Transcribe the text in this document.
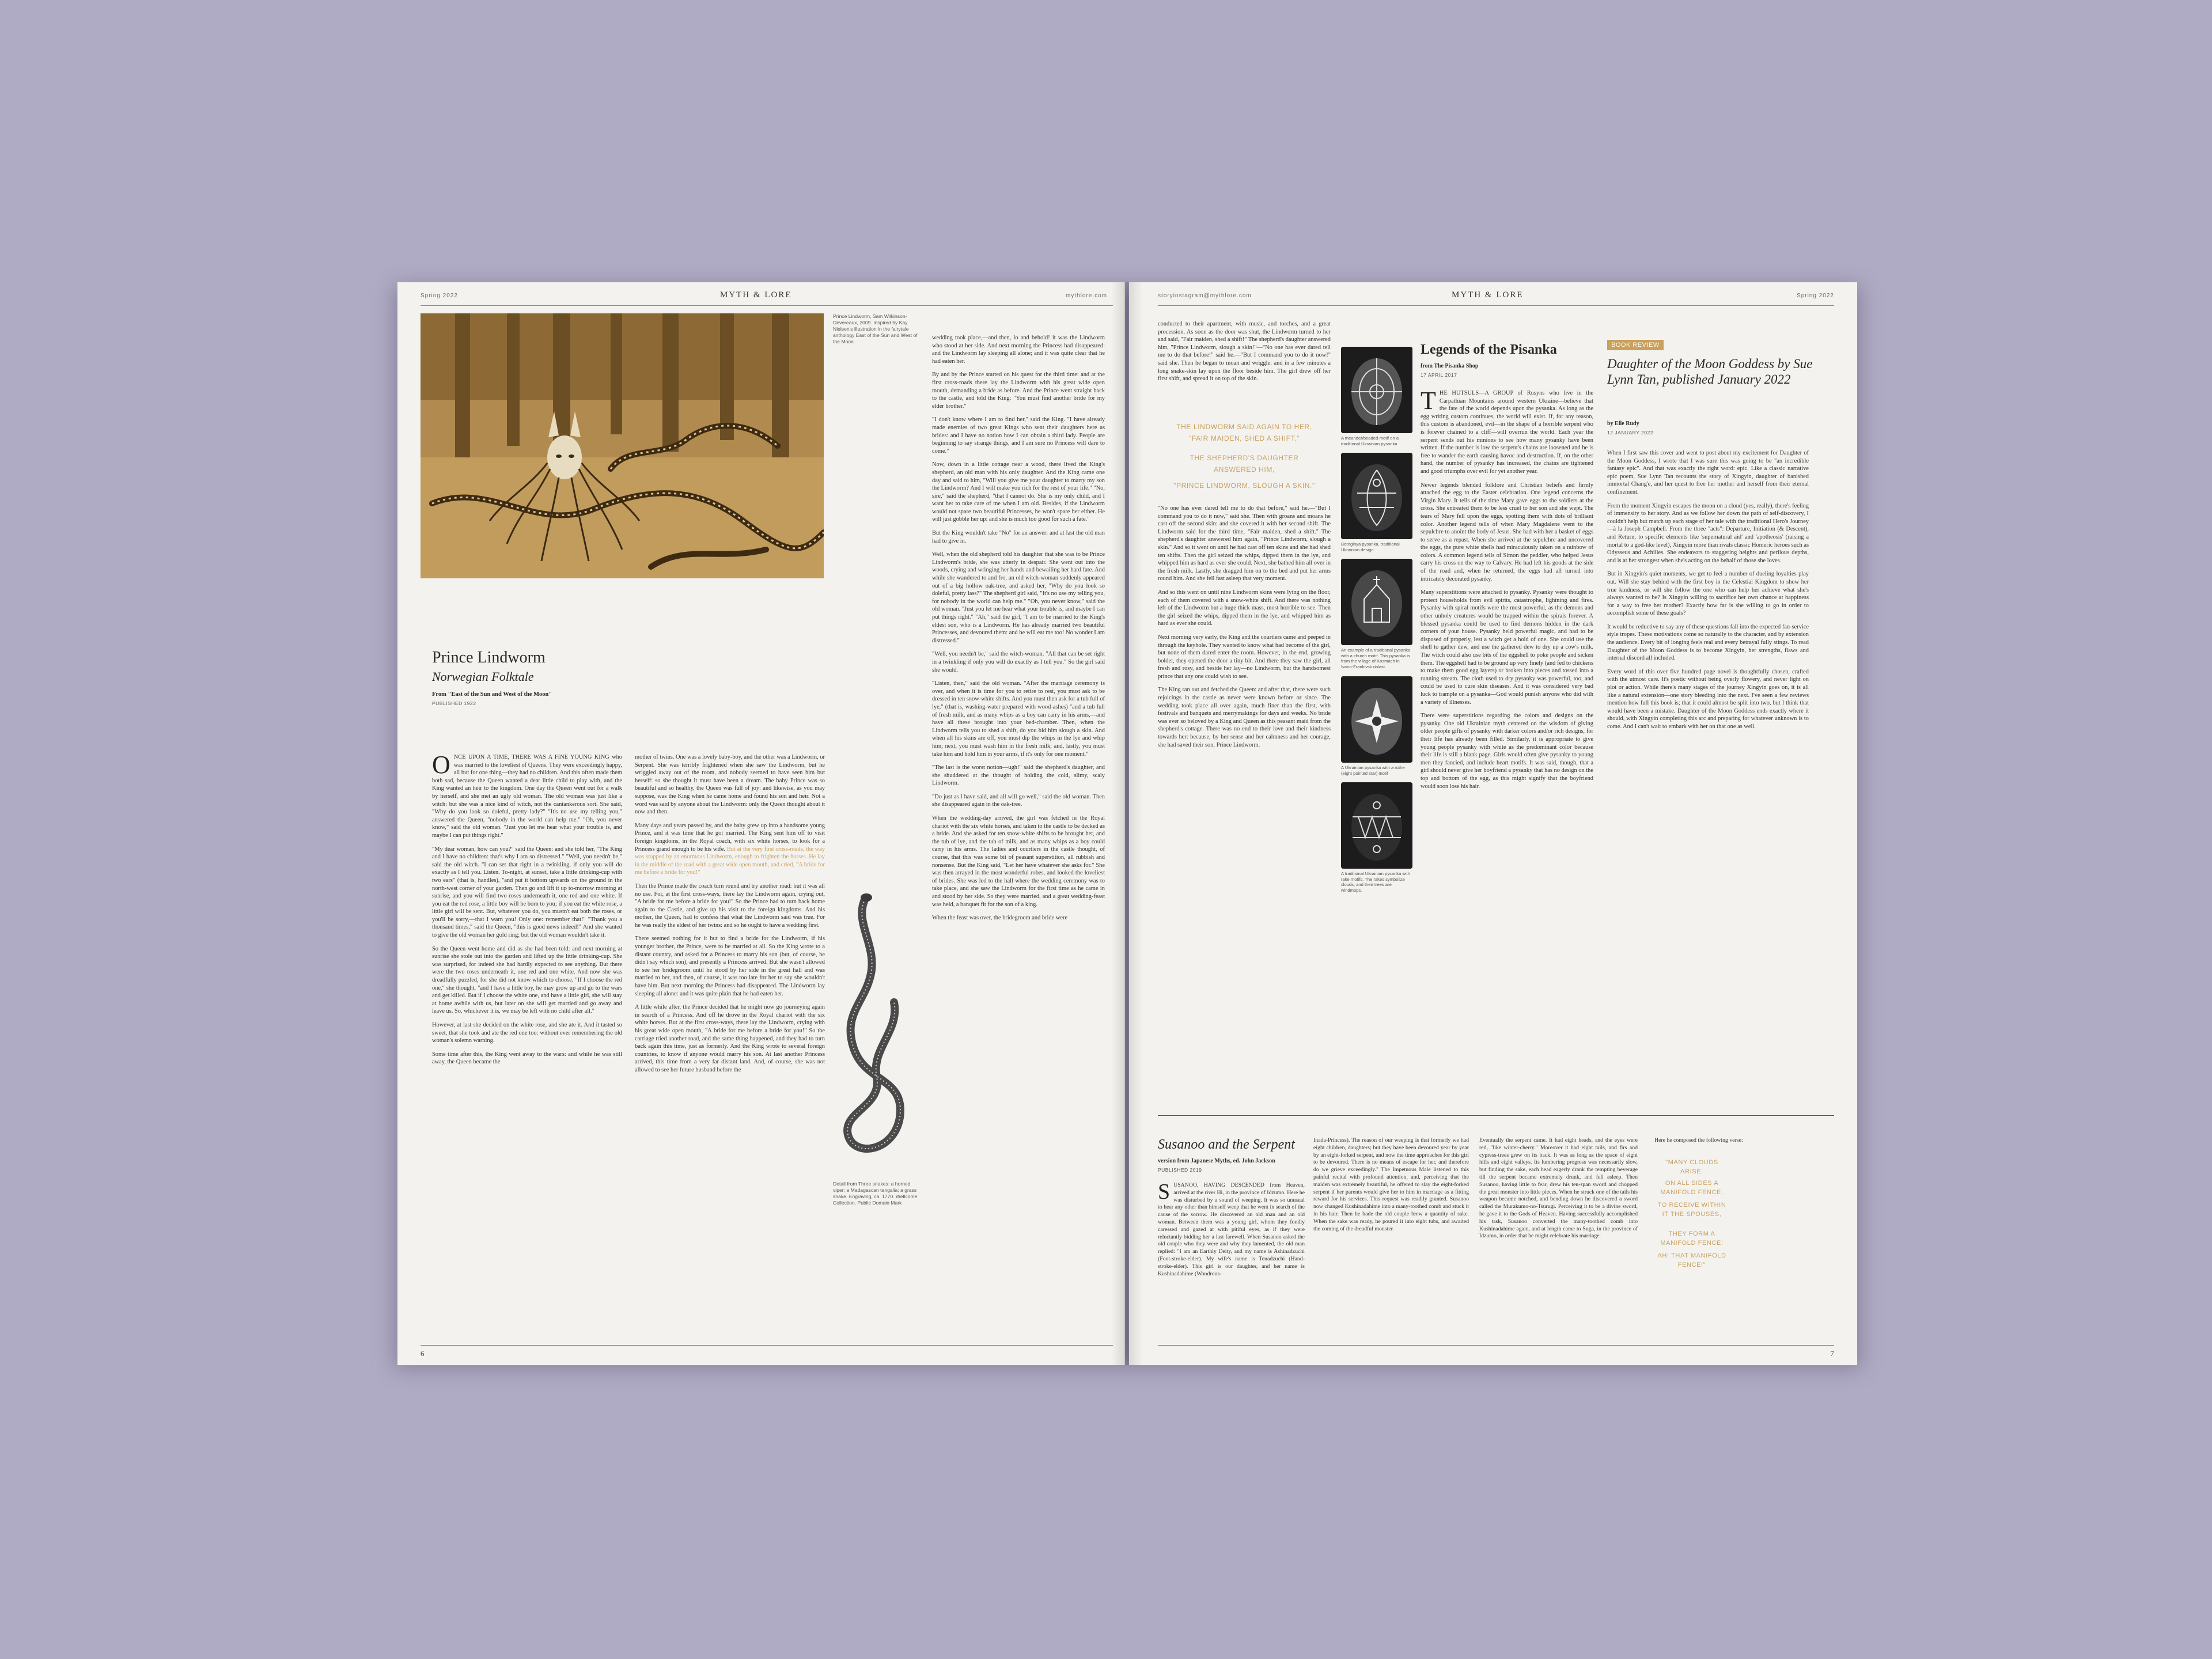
Spring 2022	MYTH & LORE	mythlore.com
Prince Lindworm, Sam Wilkinson-Devereaux, 2009. Inspired by Kay Nielsen's illustration in the fairytale anthology East of the Sun and West of the Moon.
Prince Lindworm
Norwegian Folktale
From "East of the Sun and West of the Moon"
PUBLISHED 1922

ONCE UPON A TIME, THERE WAS A FINE YOUNG KING who was married to the loveliest of Queens. They were exceedingly happy, all but for one thing—they had no children. And this often made them both sad, because the Queen wanted a dear little child to play with, and the King wanted an heir to the kingdom. One day the Queen went out for a walk by herself, and she met an ugly old woman. The old woman was just like a witch: but she was a nice kind of witch, not the cantankerous sort. She said, "Why do you look so doleful, pretty lady?" "It's no use my telling you," answered the Queen, "nobody in the world can help me." "Oh, you never know," said the old woman. "Just you let me hear what your trouble is, and maybe I can put things right."

"My dear woman, how can you?" said the Queen: and she told her, "The King and I have no children: that's why I am so distressed." "Well, you needn't be," said the old witch. "I can set that right in a twinkling, if only you will do exactly as I tell you. Listen. To-night, at sunset, take a little drinking-cup with two ears" (that is, handles), "and put it bottom upwards on the ground in the north-west corner of your garden. Then go and lift it up to-morrow morning at sunrise, and you will find two roses underneath it, one red and one white. If you eat the red rose, a little boy will be born to you; if you eat the white rose, a little girl will be sent. But, whatever you do, you mustn't eat both the roses, or you'll be sorry,—that I warn you! Only one: remember that!" "Thank you a thousand times," said the Queen, "this is good news indeed!" And she wanted to give the old woman her gold ring; but the old woman wouldn't take it.

So the Queen went home and did as she had been told: and next morning at sunrise she stole out into the garden and lifted up the little drinking-cup. She was surprised, for indeed she had hardly expected to see anything. But there were the two roses underneath it, one red and one white. And now she was dreadfully puzzled, for she did not know which to choose. "If I choose the red one," she thought, "and I have a little boy, he may grow up and go to the wars and get killed. But if I choose the white one, and have a little girl, she will stay at home awhile with us, but later on she will get married and go away and leave us. So, whichever it is, we may be left with no child after all."

However, at last she decided on the white rose, and she ate it. And it tasted so sweet, that she took and ate the red one too: without ever remembering the old woman's solemn warning.

Some time after this, the King went away to the wars: and while he was still away, the Queen became the

mother of twins. One was a lovely baby-boy, and the other was a Lindworm, or Serpent. She was terribly frightened when she saw the Lindworm, but he wriggled away out of the room, and nobody seemed to have seen him but herself: so she thought it must have been a dream. The baby Prince was so beautiful and so healthy, the Queen was full of joy: and likewise, as you may suppose, was the King when he came home and found his son and heir. Not a word was said by anyone about the Lindworm: only the Queen thought about it now and then.

Many days and years passed by, and the baby grew up into a handsome young Prince, and it was time that he got married. The King sent him off to visit foreign kingdoms, in the Royal coach, with six white horses, to look for a Princess grand enough to be his wife. But at the very first cross-roads, the way was stopped by an enormous Lindworm, enough to frighten the horses. He lay in the middle of the road with a great wide open mouth, and cried, "A bride for me before a bride for you!"

Then the Prince made the coach turn round and try another road: but it was all no use. For, at the first cross-ways, there lay the Lindworm again, crying out, "A bride for me before a bride for you!" So the Prince had to turn back home again to the Castle, and give up his visit to the foreign kingdoms. And his mother, the Queen, had to confess that what the Lindworm said was true. For he was really the eldest of her twins: and so he ought to have a wedding first.

There seemed nothing for it but to find a bride for the Lindworm, if his younger brother, the Prince, were to be married at all. So the King wrote to a distant country, and asked for a Princess to marry his son (but, of course, he didn't say which son), and presently a Princess arrived. But she wasn't allowed to see her bridegroom until he stood by her side in the great hall and was married to her, and then, of course, it was too late for her to say she wouldn't have him. But next morning the Princess had disappeared. The Lindworm lay sleeping all alone: and it was quite plain that he had eaten her.

A little while after, the Prince decided that he might now go journeying again in search of a Princess. And off he drove in the Royal chariot with the six white horses. But at the first cross-ways, there lay the Lindworm, crying with his great wide open mouth, "A bride for me before a bride for you!" So the carriage tried another road, and the same thing happened, and they had to turn back again this time, just as formerly. And the King wrote to several foreign countries, to know if anyone would marry his son. At last another Princess arrived, this time from a very far distant land. And, of course, she was not allowed to see her future husband before the

Detail from Three snakes: a horned viper; a Madagascan tangalia; a grass snake. Engraving, ca. 1770. Wellcome Collection. Public Domain Mark

wedding took place,—and then, lo and behold! it was the Lindworm who stood at her side. And next morning the Princess had disappeared: and the Lindworm lay sleeping all alone; and it was quite clear that he had eaten her.

By and by the Prince started on his quest for the third time: and at the first cross-roads there lay the Lindworm with his great wide open mouth, demanding a bride as before. And the Prince went straight back to the castle, and told the King: "You must find another bride for my elder brother."

"I don't know where I am to find her," said the King. "I have already made enemies of two great Kings who sent their daughters here as brides: and I have no notion how I can obtain a third lady. People are beginning to say strange things, and I am sure no Princess will dare to come."

Now, down in a little cottage near a wood, there lived the King's shepherd, an old man with his only daughter. And the King came one day and said to him, "Will you give me your daughter to marry my son the Lindworm? And I will make you rich for the rest of your life." "No, sire," said the shepherd, "that I cannot do. She is my only child, and I want her to take care of me when I am old. Besides, if the Lindworm would not spare two beautiful Princesses, he won't spare her either. He will just gobble her up: and she is much too good for such a fate."

But the King wouldn't take "No" for an answer: and at last the old man had to give in.

Well, when the old shepherd told his daughter that she was to be Prince Lindworm's bride, she was utterly in despair. She went out into the woods, crying and wringing her hands and bewailing her hard fate. And while she wandered to and fro, an old witch-woman suddenly appeared out of a big hollow oak-tree, and asked her, "Why do you look so doleful, pretty lass?" The shepherd girl said, "It's no use my telling you, for nobody in the world can help me." "Oh, you never know," said the old woman. "Just you let me hear what your trouble is, and maybe I can put things right." "Ah," said the girl, "I am to be married to the King's eldest son, who is a Lindworm. He has already married two beautiful Princesses, and devoured them: and he will eat me too! No wonder I am distressed."

"Well, you needn't be," said the witch-woman. "All that can be set right in a twinkling if only you will do exactly as I tell you." So the girl said she would.

"Listen, then," said the old woman. "After the marriage ceremony is over, and when it is time for you to retire to rest, you must ask to be dressed in ten snow-white shifts. And you must then ask for a tub full of lye," (that is, washing-water prepared with wood-ashes) "and a tub full of fresh milk, and as many whips as a boy can carry in his arms,—and have all these brought into your bed-chamber. Then, when the Lindworm tells you to shed a shift, do you bid him slough a skin. And when all his skins are off, you must dip the whips in the lye and whip him; next, you must wash him in the fresh milk; and, lastly, you must take him and hold him in your arms, if it's only for one moment."

"The last is the worst notion—ugh!" said the shepherd's daughter, and she shuddered at the thought of holding the cold, slimy, scaly Lindworm.

"Do just as I have said, and all will go well," said the old woman. Then she disappeared again in the oak-tree.

When the wedding-day arrived, the girl was fetched in the Royal chariot with the six white horses, and taken to the castle to be decked as a bride. And she asked for ten snow-white shifts to be brought her, and the tub of lye, and the tub of milk, and as many whips as a boy could carry in his arms. The ladies and courtiers in the castle thought, of course, that this was some bit of peasant superstition, all rubbish and nonsense. But the King said, "Let her have whatever she asks for." She was then arrayed in the most wonderful robes, and looked the loveliest of brides. She was led to the hall where the wedding ceremony was to take place, and she saw the Lindworm for the first time as he came in and stood by her side. So they were married, and a great wedding-feast was held, a banquet fit for the son of a king.

When the feast was over, the bridegroom and bride were

6
storyinstagram@mythlore.com	MYTH & LORE	Spring 2022

conducted to their apartment, with music, and torches, and a great procession. As soon as the door was shut, the Lindworm turned to her and said, "Fair maiden, shed a shift!" The shepherd's daughter answered him, "Prince Lindworm, slough a skin!"—"No one has ever dared tell me to do that before!" said he.—"But I command you to do it now!" said she. Then he began to moan and wriggle: and in a few minutes a long snake-skin lay upon the floor beside him. The girl drew off her first shift, and spread it on top of the skin.

THE LINDWORM SAID AGAIN TO HER,
"FAIR MAIDEN, SHED A SHIFT."
THE SHEPHERD'S DAUGHTER
ANSWERED HIM,
"PRINCE LINDWORM, SLOUGH A SKIN."

"No one has ever dared tell me to do that before," said he.—"But I command you to do it now," said she. Then with groans and moans he cast off the second skin: and she covered it with her second shift. The Lindworm said for the third time, "Fair maiden, shed a shift." The shepherd's daughter answered him again, "Prince Lindworm, slough a skin." And so it went on until he had cast off ten skins and she had shed ten shifts. Then the girl seized the whips, dipped them in the lye, and whipped him as hard as ever she could. Next, she bathed him all over in the fresh milk. Lastly, she dragged him on to the bed and put her arms round him. And she fell fast asleep that very moment.

And so this went on until nine Lindworm skins were lying on the floor, each of them covered with a snow-white shift. And there was nothing left of the Lindworm but a huge thick mass, most horrible to see. Then the girl seized the whips, dipped them in the lye, and whipped him as hard as ever she could.

Next morning very early, the King and the courtiers came and peeped in through the keyhole. They wanted to know what had become of the girl, but none of them dared enter the room. However, in the end, growing bolder, they opened the door a tiny bit. And there they saw the girl, all fresh and rosy, and beside her lay—no Lindworm, but the handsomest prince that any one could wish to see.

The King ran out and fetched the Queen: and after that, there were such rejoicings in the castle as never were known before or since. The wedding took place all over again, much finer than the first, with festivals and banquets and merrymakings for days and weeks. No bride was ever so beloved by a King and Queen as this peasant maid from the shepherd's cottage. There was no end to their love and their kindness towards her: because, by her sense and her calmness and her courage, she had saved their son, Prince Lindworm.

A meander/beaded-motif on a traditional Ukrainian pysanka
Bereginya pysanka, traditional Ukrainian design
An example of a traditional pysanka with a church motif. This pysanka is from the village of Kosmach in Ivano-Frankivsk oblast.
A Ukrainian pysanka with a ruthe (eight pointed star) motif
A traditional Ukrainian pysanka with rake motifs. The rakes symbolize clouds, and their trees are windmops.
Legends of the Pisanka
from The Pisanka Shop
17 APRIL 2017

THE HUTSULS—A GROUP of Rusyns who live in the Carpathian Mountains around western Ukraine—believe that the fate of the world depends upon the pysanka. As long as the egg writing custom continues, the world will exist. If, for any reason, this custom is abandoned, evil—in the shape of a horrible serpent who is forever chained to a cliff—will overrun the world. Each year the serpent sends out his minions to see how many pysanky have been written. If the number is low the serpent's chains are loosened and he is free to wander the earth causing havoc and destruction. If, on the other hand, the number of pysanky has increased, the chains are tightened and good triumphs over evil for yet another year.

Newer legends blended folklore and Christian beliefs and firmly attached the egg to the Easter celebration. One legend concerns the Virgin Mary. It tells of the time Mary gave eggs to the soldiers at the cross. She entreated them to be less cruel to her son and she wept. The tears of Mary fell upon the eggs, spotting them with dots of brilliant color. Another legend tells of when Mary Magdalene went to the sepulchre to anoint the body of Jesus. She had with her a basket of eggs to serve as a repast. When she arrived at the sepulchre and uncovered the eggs, the pure white shells had miraculously taken on a rainbow of colors. A common legend tells of Simon the peddler, who helped Jesus carry his cross on the way to Calvary. He had left his goods at the side of the road and, when he returned, the eggs had all turned into intricately decorated pysanky.

Many superstitions were attached to pysanky. Pysanky were thought to protect households from evil spirits, catastrophe, lightning and fires. Pysanky with spiral motifs were the most powerful, as the demons and other unholy creatures would be trapped within the spirals forever. A blessed pysanka could be used to find demons hidden in the dark corners of your house. Pysanky held powerful magic, and had to be disposed of properly, lest a witch get a hold of one. She could use the shell to gather dew, and use the gathered dew to dry up a cow's milk. The witch could also use bits of the eggshell to poke people and sicken them. The eggshell had to be ground up very finely (and fed to chickens to make them good egg layers) or broken into pieces and tossed into a running stream. The cloth used to dry pysanky was powerful, too, and could be used to cure skin diseases. And it was considered very bad luck to trample on a pysanka—God would punish anyone who did with a variety of illnesses.

There were superstitions regarding the colors and designs on the pysanky. One old Ukrainian myth centered on the wisdom of giving older people gifts of pysanky with darker colors and/or rich designs, for their life has already been filled. Similarly, it is appropriate to give young people pysanky with white as the predominant color because their life is still a blank page. Girls would often give pysanky to young men they fancied, and include heart motifs. It was said, though, that a girl should never give her boyfriend a pysanky that has no design on the top and bottom of the egg, as this might signify that the boyfriend would soon lose his hair.

BOOK REVIEW
Daughter of the Moon Goddess by Sue Lynn Tan, published January 2022
by Elle Rudy
12 JANUARY 2022

When I first saw this cover and went to post about my excitement for Daughter of the Moon Goddess, I wrote that I was sure this was going to be "an incredible fantasy epic". And that was exactly the right word: epic. Like a classic narrative epic poem, Sue Lynn Tan recounts the story of Xingyin, daughter of banished immortal Chang'e, and her quest to free her mother and herself from their eternal confinement.

From the moment Xingyin escapes the moon on a cloud (yes, really), there's feeling of immensity to her story. And as we follow her down the path of self-discovery, I couldn't help but match up each stage of her tale with the traditional Hero's Journey—à la Joseph Campbell. From the three "acts": Departure, Initiation (& Descent), and Return; to specific elements like 'supernatural aid' and 'apotheosis' (raising a mortal to a god-like level), Xingyin more than rivals classic Homeric heroes such as Odysseus and Achilles. She endeavors to staggering heights and perilous depths, and is at her strongest when she's acting on the behalf of those she loves.

But in Xingyin's quiet moments, we get to feel a number of dueling loyalties play out. Will she stay behind with the first boy in the Celestial Kingdom to show her true kindness, or will she follow the one who can help her achieve what she's always wanted to be? Is Xingyin willing to sacrifice her own chance at happiness for a way to free her mother? Exactly how far is she willing to go in order to accomplish some of these goals?

It would be reductive to say any of these questions fall into the expected fan-service style tropes. These motivations come so naturally to the character, and by extension the audience. Every bit of longing feels real and every betrayal fully stings. To read Daughter of the Moon Goddess is to become Xingyin, her strengths, flaws and internal discord all included.

Every word of this over five hundred page novel is thoughtfully chosen, crafted with the utmost care. It's poetic without being overly flowery, and never light on plot or action. While there's many stages of the journey Xingyin goes on, it is all like a natural extension—one story bleeding into the next. I've seen a few reviews mention how full this book is; that it could almost be split into two, but I think that would have been a mistake. Daughter of the Moon Goddess ends exactly where it should, with Xingyin completing this arc and preparing for whatever unknown is to come. And I can't wait to embark with her on that one as well.

Susanoo and the Serpent
version from Japanese Myths, ed. John Jackson
PUBLISHED 2019

SUSANOO, HAVING DESCENDED from Heaven, arrived at the river Hi, in the province of Idzumo. Here he was disturbed by a sound of weeping. It was so unusual to hear any other than himself weep that he went in search of the cause of the sorrow. He discovered an old man and an old woman. Between them was a young girl, whom they fondly caressed and gazed at with pitiful eyes, as if they were reluctantly bidding her a last farewell. When Susanoo asked the old couple who they were and why they lamented, the old man replied: "I am an Earthly Deity, and my name is Ashinadzuchi (Foot-stroke-elder). My wife's name is Tenadzuchi (Hand-stroke-elder). This girl is our daughter, and her name is Kushinadahime (Wondrous-

Inada-Princess). The reason of our weeping is that formerly we had eight children, daughters; but they have been devoured year by year by an eight-forked serpent, and now the time approaches for this girl to be devoured. There is no means of escape for her, and therefore do we grieve exceedingly." The Impetuous Male listened to this painful recital with profound attention, and, perceiving that the maiden was extremely beautiful, he offered to slay the eight-forked serpent if her parents would give her to him in marriage as a fitting reward for his services. This request was readily granted. Susanoo now changed Kushinadahime into a many-toothed comb and stuck it in his hair. Then he bade the old couple brew a quantity of sake. When the sake was ready, he poured it into eight tubs, and awaited the coming of the dreadful monster.
Eventually the serpent came. It had eight heads, and the eyes were red, "like winter-cherry." Moreover it had eight tails, and firs and cypress-trees grew on its back. It was as long as the space of eight hills and eight valleys. Its lumbering progress was necessarily slow, but finding the sake, each head eagerly drank the tempting beverage till the serpent became extremely drunk, and fell asleep. Then Susanoo, having little to fear, drew his ten-span sword and chopped the great monster into little pieces. When he struck one of the tails his weapon became notched, and bending down he discovered a sword called the Murakumo-no-Tsurugi. Perceiving it to be a divine sword, he gave it to the Gods of Heaven. Having successfully accomplished his task, Susanoo converted the many-toothed comb into Kushinadahime again, and at length came to Suga, in the province of Idzumo, in order that he might celebrate his marriage.
Here he composed the following verse:
"MANY CLOUDS ARISE.
ON ALL SIDES A MANIFOLD FENCE,
TO RECEIVE WITHIN IT THE SPOUSES,
THEY FORM A MANIFOLD FENCE:
AH! THAT MANIFOLD FENCE!"
7
